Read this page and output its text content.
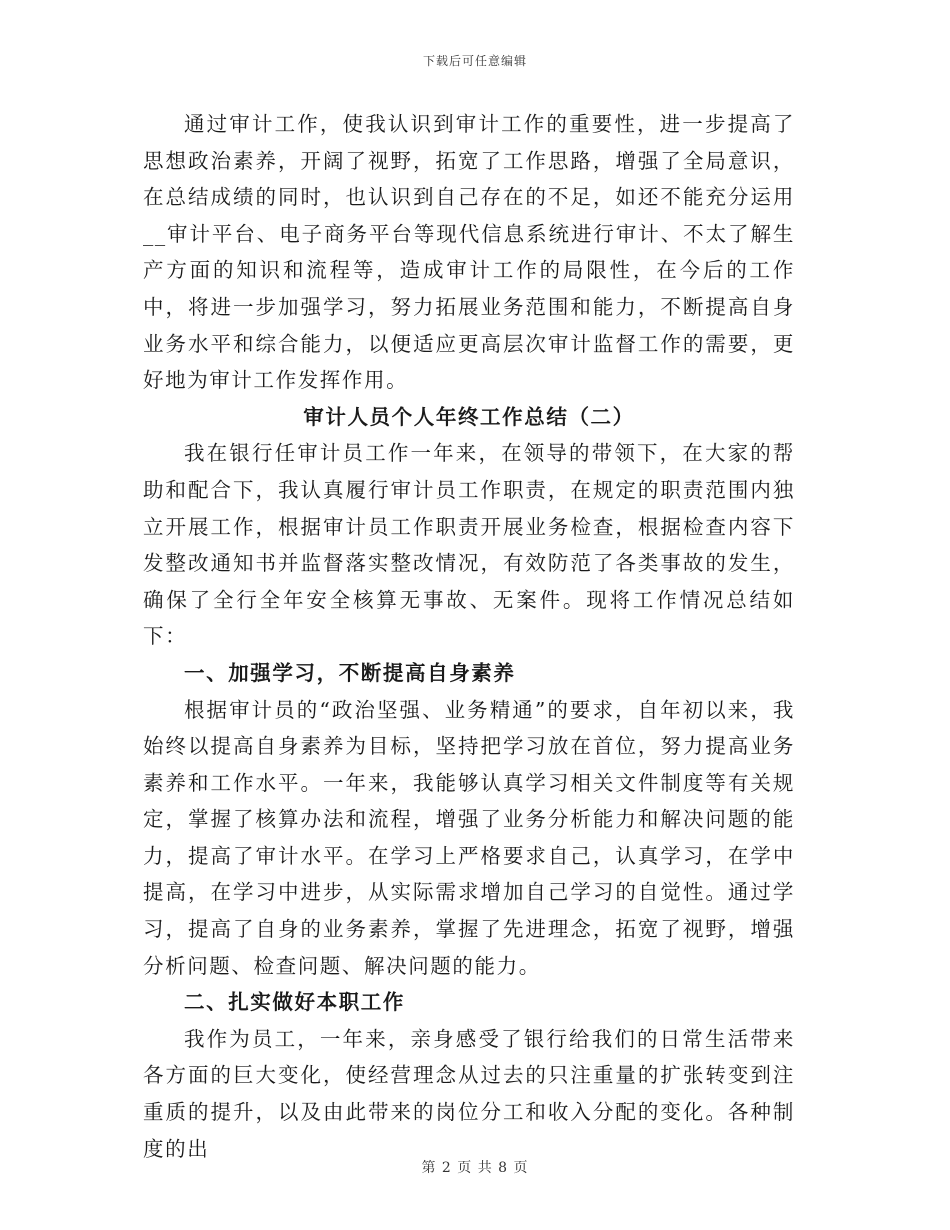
下载后可任意编辑

通过审计工作，使我认识到审计工作的重要性，进一步提高了思想政治素养，开阔了视野，拓宽了工作思路，增强了全局意识，在总结成绩的同时，也认识到自己存在的不足，如还不能充分运用__审计平台、电子商务平台等现代信息系统进行审计、不太了解生产方面的知识和流程等，造成审计工作的局限性，在今后的工作中，将进一步加强学习，努力拓展业务范围和能力，不断提高自身业务水平和综合能力，以便适应更高层次审计监督工作的需要，更好地为审计工作发挥作用。

审计人员个人年终工作总结（二）

我在银行任审计员工作一年来，在领导的带领下，在大家的帮助和配合下，我认真履行审计员工作职责，在规定的职责范围内独立开展工作，根据审计员工作职责开展业务检查，根据检查内容下发整改通知书并监督落实整改情况，有效防范了各类事故的发生，确保了全行全年安全核算无事故、无案件。现将工作情况总结如下：

一、加强学习，不断提高自身素养

根据审计员的“政治坚强、业务精通”的要求，自年初以来，我始终以提高自身素养为目标，坚持把学习放在首位，努力提高业务素养和工作水平。一年来，我能够认真学习相关文件制度等有关规定，掌握了核算办法和流程，增强了业务分析能力和解决问题的能力，提高了审计水平。在学习上严格要求自己，认真学习，在学中提高，在学习中进步，从实际需求增加自己学习的自觉性。通过学习，提高了自身的业务素养，掌握了先进理念，拓宽了视野，增强分析问题、检查问题、解决问题的能力。

二、扎实做好本职工作

我作为员工，一年来，亲身感受了银行给我们的日常生活带来各方面的巨大变化，使经营理念从过去的只注重量的扩张转变到注重质的提升，以及由此带来的岗位分工和收入分配的变化。各种制度的出

第 2 页 共 8 页
